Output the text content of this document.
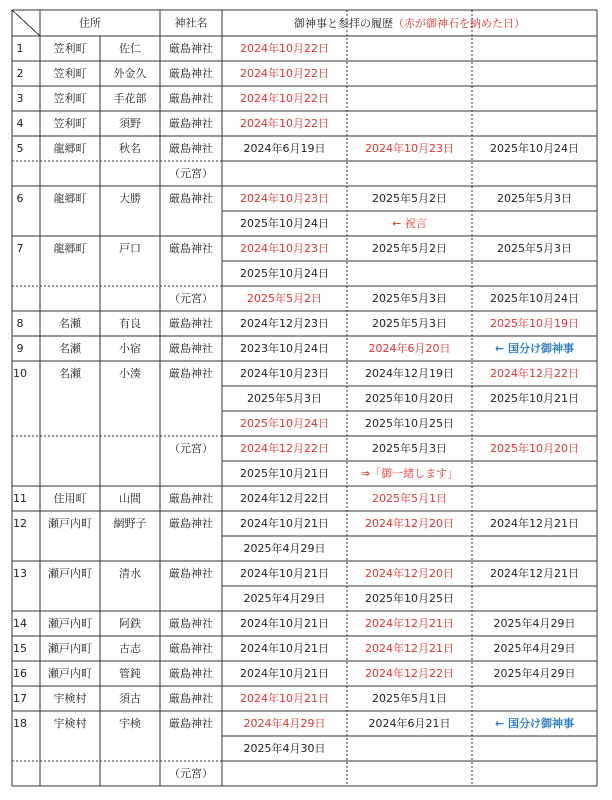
住所	神社名	御神事と参拝の履歴（赤が御神石を納めた日）
1	笠利町	佐仁	厳島神社 2024年10月22日
2	笠利町 外金久 厳島神社 2024年10月22日
3	笠利町 手花部 厳島神社 2024年10月22日
4	笠利町	須野	厳島神社 2024年10月22日
5	龍郷町	秋名	厳島神社	2024年6月19日	2024年10月23日	2025年10月24日
（元宮）
6	龍郷町	大勝	厳島神社 2024年10月23日	2025年5月2日	2025年5月3日
2025年10月24日	← 祝言
7	龍郷町	戸口	厳島神社 2024年10月23日	2025年5月2日	2025年5月3日
2025年10月24日
（元宮）	2025年5月2日	2025年5月3日	2025年10月24日
8	名瀬	有良	厳島神社 2024年12月23日	2025年5月3日	2025年10月19日
9	名瀬	小宿	厳島神社 2023年10月24日	2024年6月20日	← 国分け御神事
10	名瀬	小湊	厳島神社 2024年10月23日	2024年12月19日	2024年12月22日
2025年5月3日	2025年10月20日	2025年10月21日
2025年10月24日	2025年10月25日
（元宮） 2024年12月22日	2025年5月3日	2025年10月20日
2025年10月21日	⇒「御一緒します」
11 住用町	山間	厳島神社 2024年12月22日	2025年5月1日
12 瀬戸内町 網野子 厳島神社 2024年10月21日	2024年12月20日	2024年12月21日
2025年4月29日
13 瀬戸内町 清水	厳島神社 2024年10月21日	2024年12月20日	2024年12月21日
2025年4月29日	2025年10月25日
14 瀬戸内町 阿鉄	厳島神社 2024年10月21日	2024年12月21日	2025年4月29日
15 瀬戸内町 古志	厳島神社 2024年10月21日	2024年12月21日	2025年4月29日
16 瀬戸内町 管鈍	厳島神社 2024年10月21日	2024年12月22日	2025年4月29日
17 宇検村	須古	厳島神社 2024年10月21日	2025年5月1日
18 宇検村	宇検	厳島神社	2024年4月29日	2024年6月21日	← 国分け御神事
2025年4月30日
（元宮）
